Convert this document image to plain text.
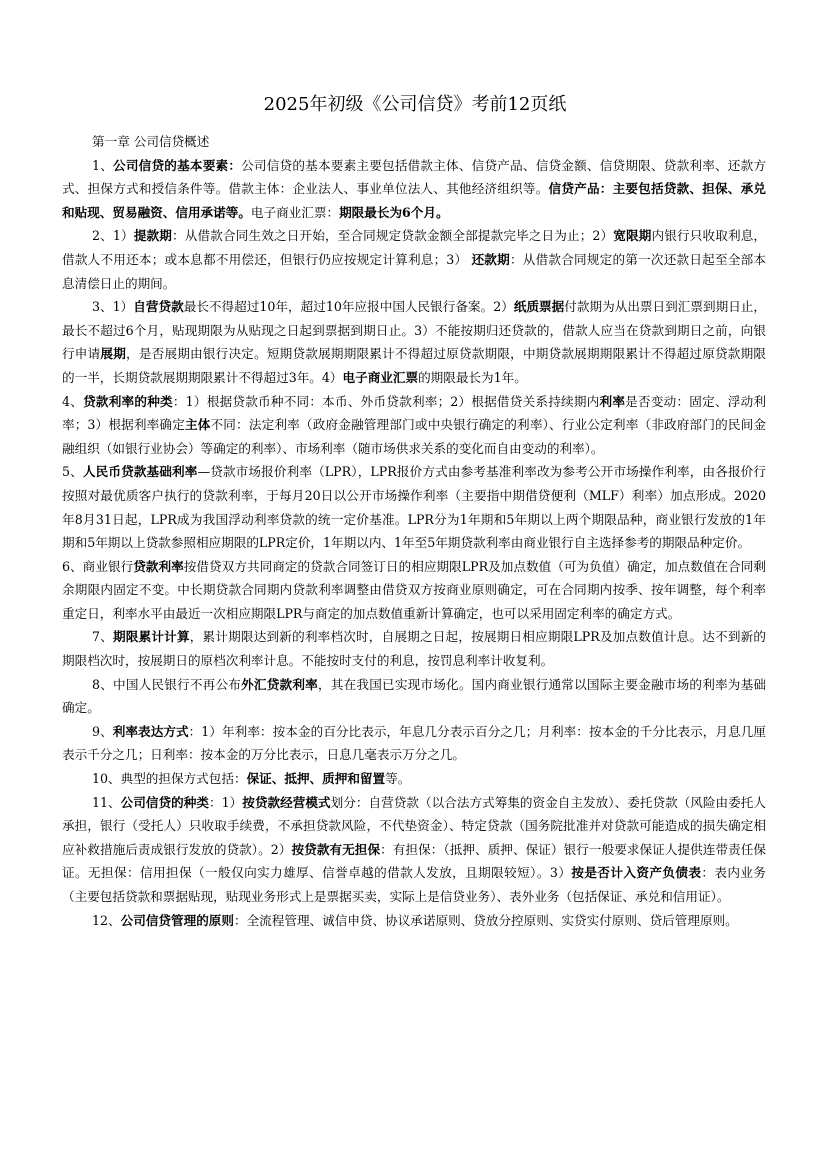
2025年初级《公司信贷》考前12页纸

第一章 公司信贷概述

1、公司信贷的基本要素：公司信贷的基本要素主要包括借款主体、信贷产品、信贷金额、信贷期限、贷款利率、还款方式、担保方式和授信条件等。借款主体：企业法人、事业单位法人、其他经济组织等。信贷产品：主要包括贷款、担保、承兑和贴现、贸易融资、信用承诺等。电子商业汇票：期限最长为6个月。

2、1）提款期：从借款合同生效之日开始，至合同规定贷款金额全部提款完毕之日为止；2）宽限期内银行只收取利息，借款人不用还本；或本息都不用偿还，但银行仍应按规定计算利息；3） 还款期：从借款合同规定的第一次还款日起至全部本息清偿日止的期间。

3、1）自营贷款最长不得超过10年，超过10年应报中国人民银行备案。2）纸质票据付款期为从出票日到汇票到期日止，最长不超过6个月，贴现期限为从贴现之日起到票据到期日止。3）不能按期归还贷款的，借款人应当在贷款到期日之前，向银行申请展期，是否展期由银行决定。短期贷款展期期限累计不得超过原贷款期限，中期贷款展期期限累计不得超过原贷款期限的一半，长期贷款展期期限累计不得超过3年。4）电子商业汇票的期限最长为1年。

4、贷款利率的种类：1）根据贷款币种不同：本币、外币贷款利率；2）根据借贷关系持续期内利率是否变动：固定、浮动利率；3）根据利率确定主体不同：法定利率（政府金融管理部门或中央银行确定的利率）、行业公定利率（非政府部门的民间金融组织（如银行业协会）等确定的利率）、市场利率（随市场供求关系的变化而自由变动的利率）。

5、人民币贷款基础利率—贷款市场报价利率（LPR），LPR报价方式由参考基准利率改为参考公开市场操作利率，由各报价行按照对最优质客户执行的贷款利率，于每月20日以公开市场操作利率（主要指中期借贷便利（MLF）利率）加点形成。2020年8月31日起，LPR成为我国浮动利率贷款的统一定价基准。LPR分为1年期和5年期以上两个期限品种，商业银行发放的1年期和5年期以上贷款参照相应期限的LPR定价，1年期以内、1年至5年期贷款利率由商业银行自主选择参考的期限品种定价。

6、商业银行贷款利率按借贷双方共同商定的贷款合同签订日的相应期限LPR及加点数值（可为负值）确定，加点数值在合同剩余期限内固定不变。中长期贷款合同期内贷款利率调整由借贷双方按商业原则确定，可在合同期内按季、按年调整，每个利率重定日，利率水平由最近一次相应期限LPR与商定的加点数值重新计算确定，也可以采用固定利率的确定方式。

7、期限累计计算，累计期限达到新的利率档次时，自展期之日起，按展期日相应期限LPR及加点数值计息。达不到新的期限档次时，按展期日的原档次利率计息。不能按时支付的利息，按罚息利率计收复利。

8、中国人民银行不再公布外汇贷款利率，其在我国已实现市场化。国内商业银行通常以国际主要金融市场的利率为基础确定。

9、利率表达方式：1）年利率：按本金的百分比表示，年息几分表示百分之几；月利率：按本金的千分比表示，月息几厘表示千分之几；日利率：按本金的万分比表示，日息几毫表示万分之几。

10、典型的担保方式包括：保证、抵押、质押和留置等。

11、公司信贷的种类：1）按贷款经营模式划分：自营贷款（以合法方式筹集的资金自主发放）、委托贷款（风险由委托人承担，银行（受托人）只收取手续费，不承担贷款风险，不代垫资金）、特定贷款（国务院批准并对贷款可能造成的损失确定相应补救措施后责成银行发放的贷款）。2）按贷款有无担保：有担保：（抵押、质押、保证）银行一般要求保证人提供连带责任保证。无担保：信用担保（一般仅向实力雄厚、信誉卓越的借款人发放，且期限较短）。3）按是否计入资产负债表：表内业务（主要包括贷款和票据贴现，贴现业务形式上是票据买卖，实际上是信贷业务）、表外业务（包括保证、承兑和信用证）。

12、公司信贷管理的原则：全流程管理、诚信申贷、协议承诺原则、贷放分控原则、实贷实付原则、贷后管理原则。
